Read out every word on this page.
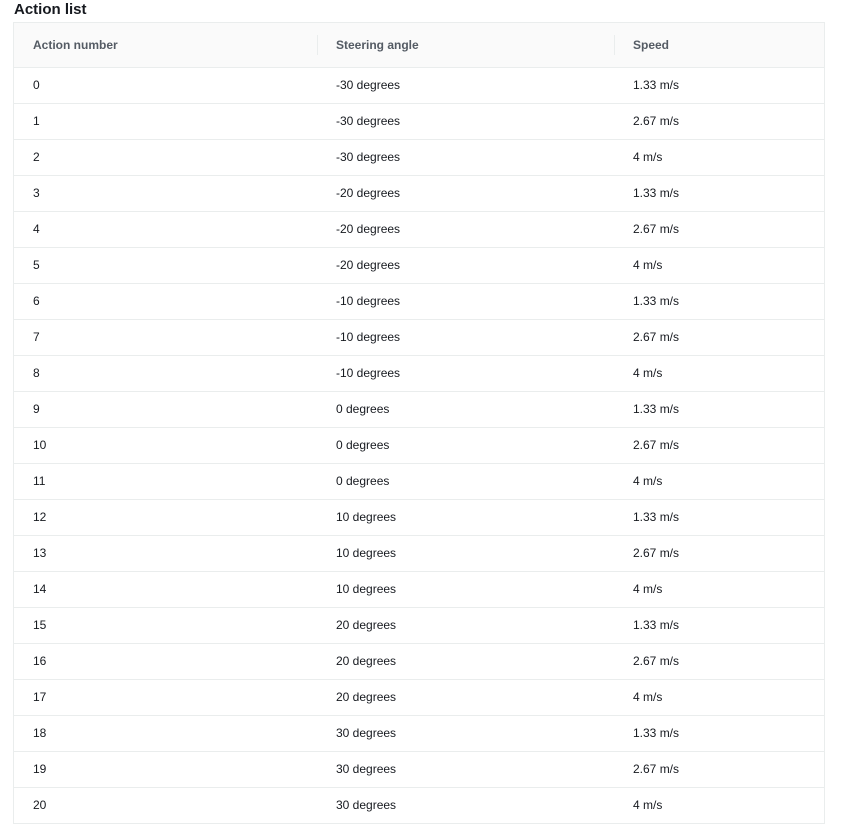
Action list
Action number	Steering angle	Speed
0	-30 degrees	1.33 m/s
1	-30 degrees	2.67 m/s
2	-30 degrees	4 m/s
3	-20 degrees	1.33 m/s
4	-20 degrees	2.67 m/s
5	-20 degrees	4 m/s
6	-10 degrees	1.33 m/s
7	-10 degrees	2.67 m/s
8	-10 degrees	4 m/s
9	0 degrees	1.33 m/s
10	0 degrees	2.67 m/s
11	0 degrees	4 m/s
12	10 degrees	1.33 m/s
13	10 degrees	2.67 m/s
14	10 degrees	4 m/s
15	20 degrees	1.33 m/s
16	20 degrees	2.67 m/s
17	20 degrees	4 m/s
18	30 degrees	1.33 m/s
19	30 degrees	2.67 m/s
20	30 degrees	4 m/s
